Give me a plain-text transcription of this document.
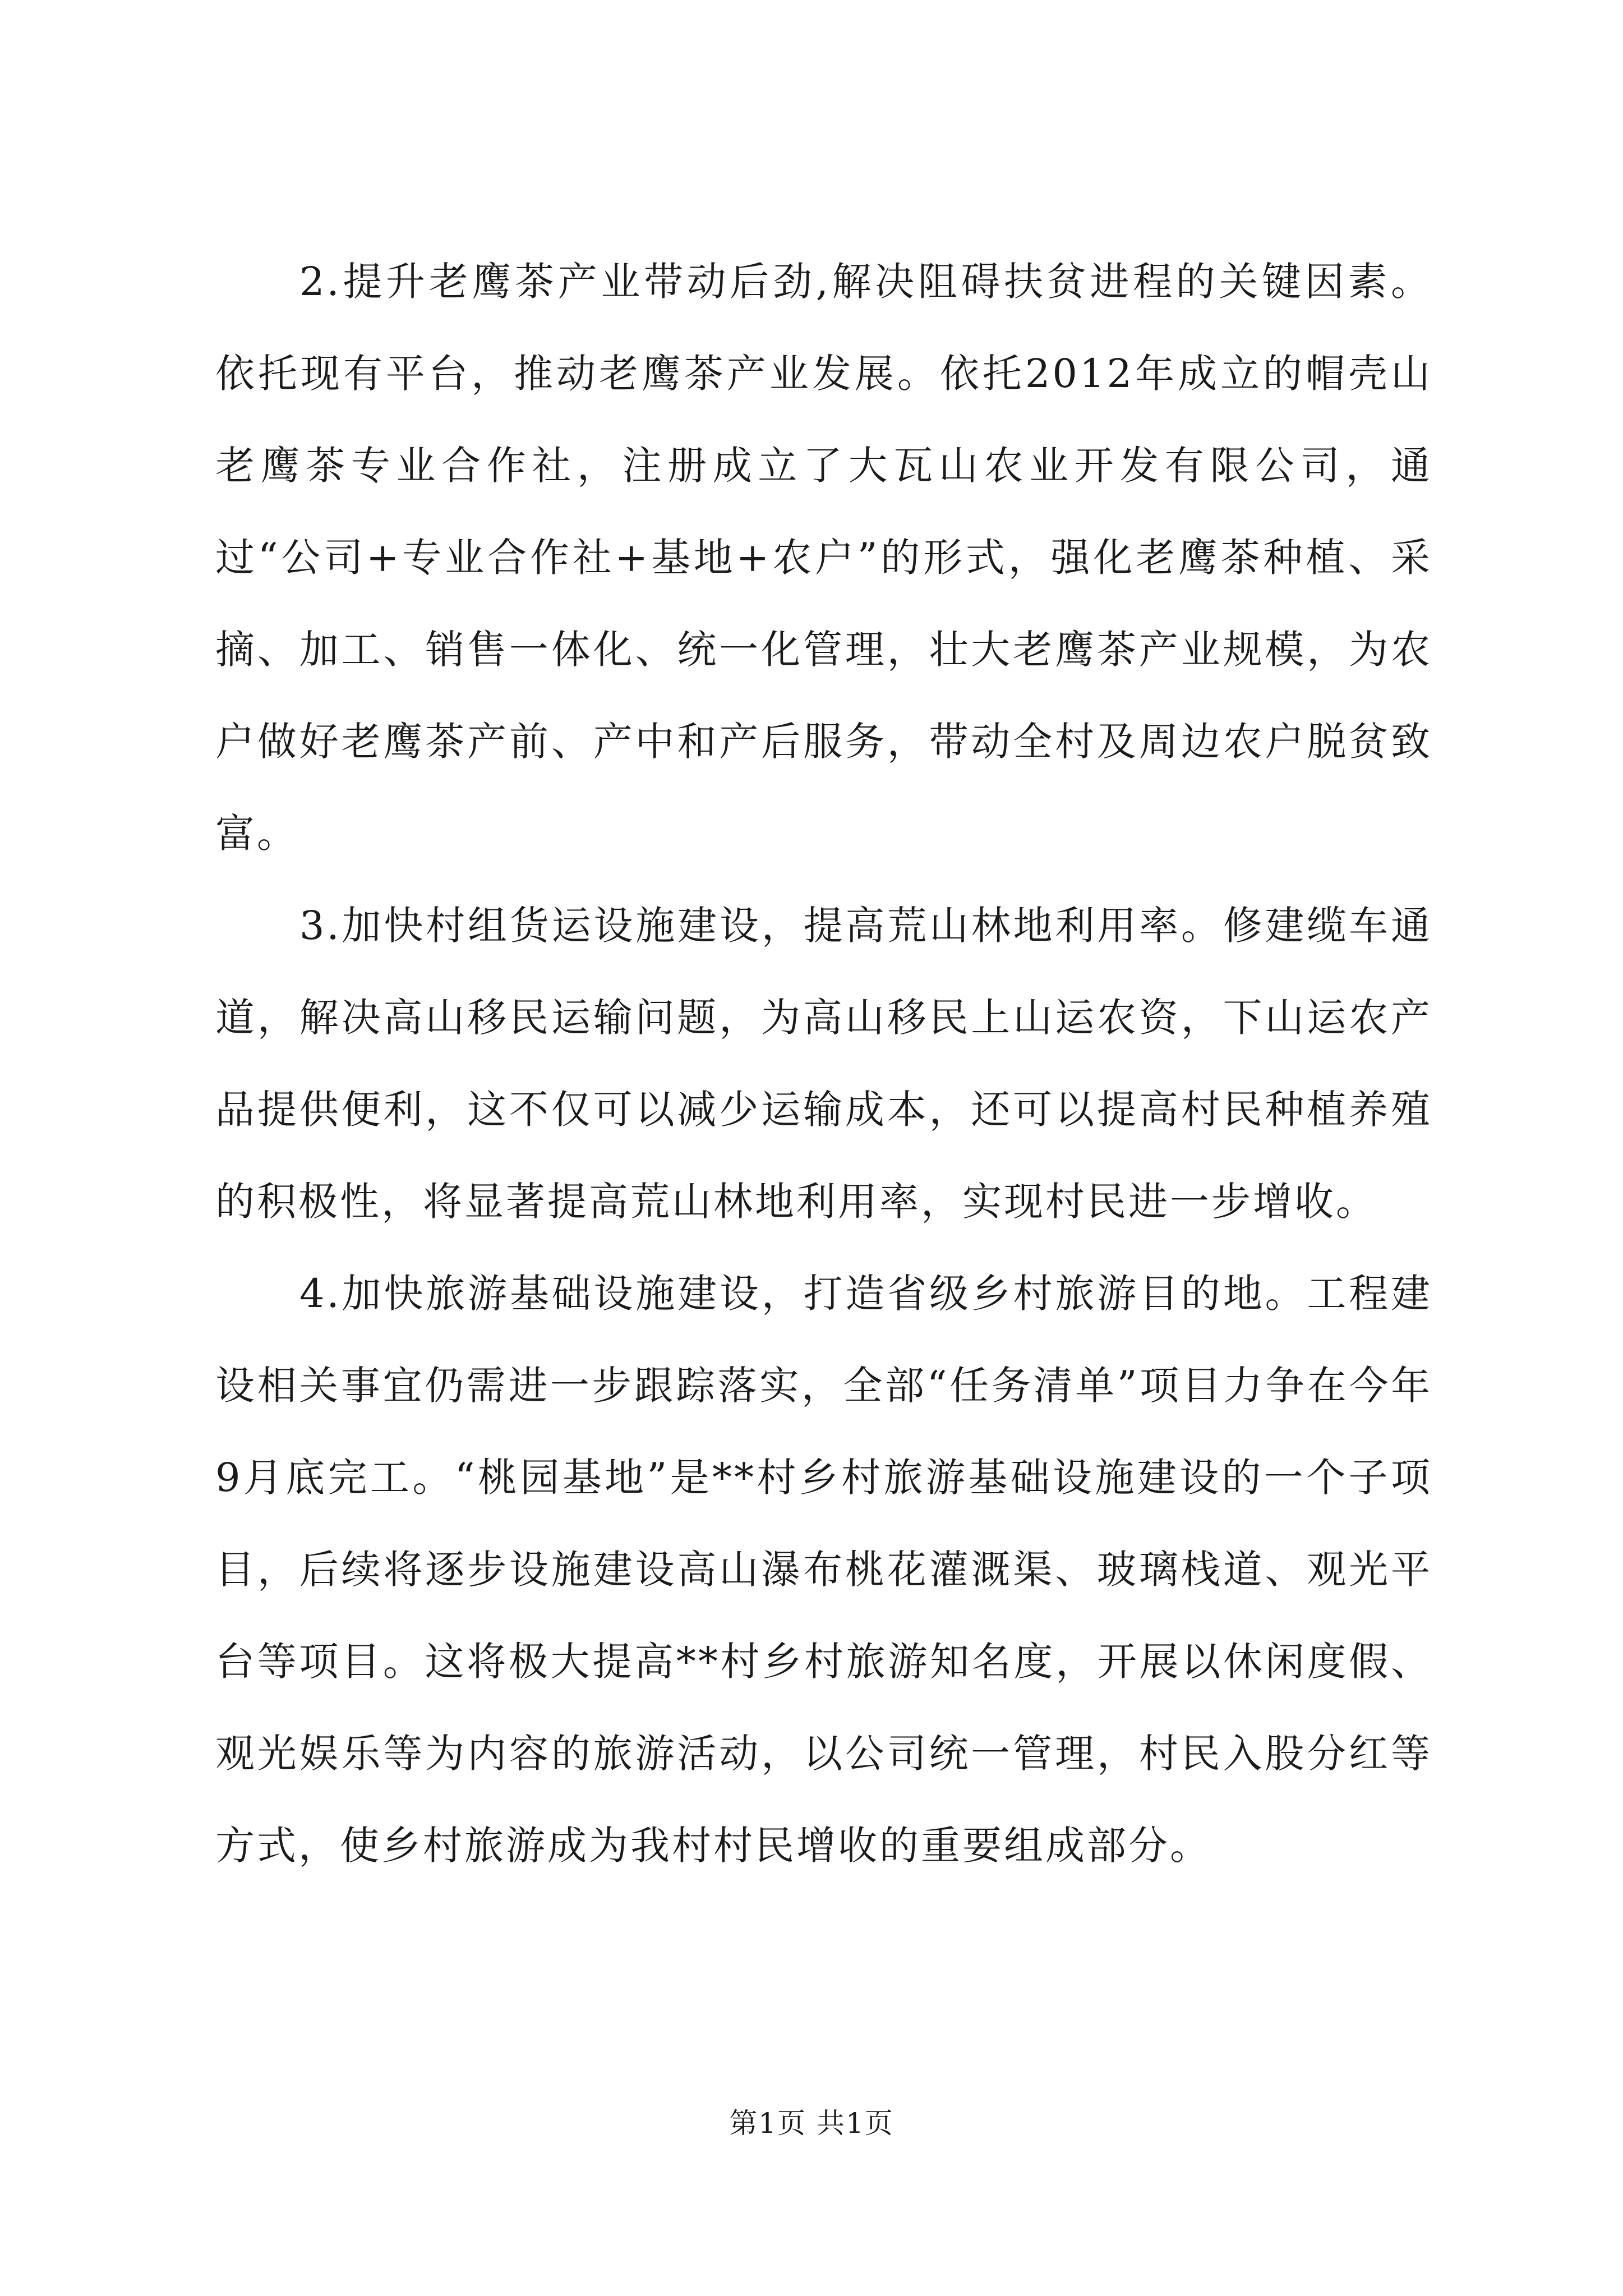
2.提升老鹰茶产业带动后劲,解决阻碍扶贫进程的关键因素。依托现有平台，推动老鹰茶产业发展。依托2012年成立的帽壳山老鹰茶专业合作社，注册成立了大瓦山农业开发有限公司，通过“公司+专业合作社+基地+农户”的形式，强化老鹰茶种植、采摘、加工、销售一体化、统一化管理，壮大老鹰茶产业规模，为农户做好老鹰茶产前、产中和产后服务，带动全村及周边农户脱贫致富。

3.加快村组货运设施建设，提高荒山林地利用率。修建缆车通道，解决高山移民运输问题，为高山移民上山运农资，下山运农产品提供便利，这不仅可以减少运输成本，还可以提高村民种植养殖的积极性，将显著提高荒山林地利用率，实现村民进一步增收。

4.加快旅游基础设施建设，打造省级乡村旅游目的地。工程建设相关事宜仍需进一步跟踪落实，全部“任务清单”项目力争在今年9月底完工。“桃园基地”是**村乡村旅游基础设施建设的一个子项目，后续将逐步设施建设高山瀑布桃花灌溉渠、玻璃栈道、观光平台等项目。这将极大提高**村乡村旅游知名度，开展以休闲度假、观光娱乐等为内容的旅游活动，以公司统一管理，村民入股分红等方式，使乡村旅游成为我村村民增收的重要组成部分。

第1页 共1页
